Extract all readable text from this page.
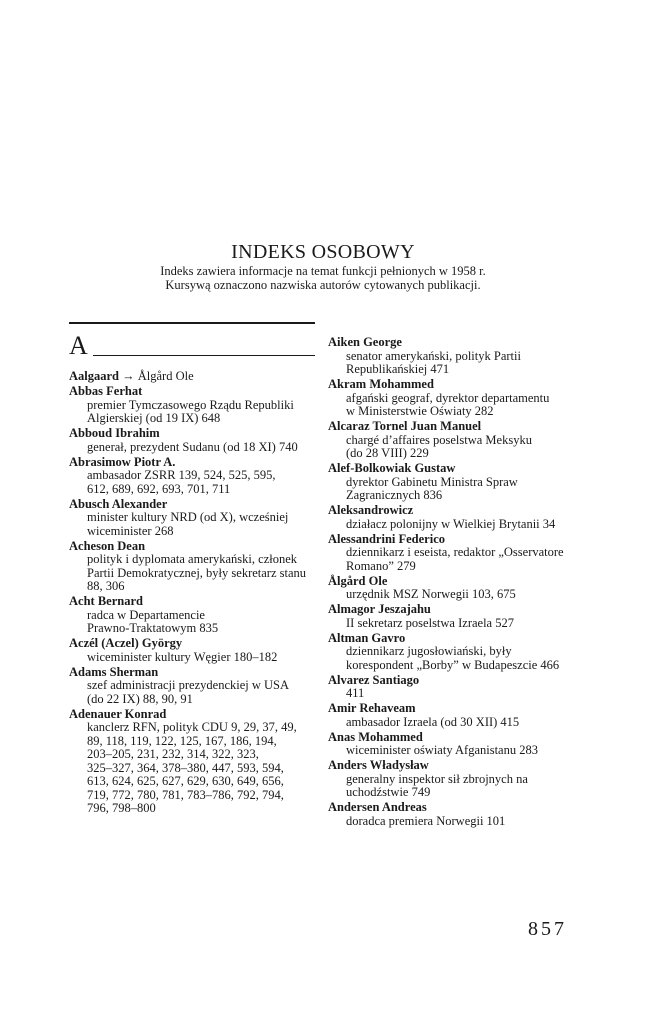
INDEKS OSOBOWY
Indeks zawiera informacje na temat funkcji pełnionych w 1958 r.
Kursywą oznaczono nazwiska autorów cytowanych publikacji.
A
Aalgaard → Ålgård Ole
Abbas Ferhat
premier Tymczasowego Rządu Republiki
Algierskiej (od 19 IX) 648
Abboud Ibrahim
generał, prezydent Sudanu (od 18 XI) 740
Abrasimow Piotr A.
ambasador ZSRR 139, 524, 525, 595,
612, 689, 692, 693, 701, 711
Abusch Alexander
minister kultury NRD (od X), wcześniej
wiceminister 268
Acheson Dean
polityk i dyplomata amerykański, członek
Partii Demokratycznej, były sekretarz stanu
88, 306
Acht Bernard
radca w Departamencie
Prawno-Traktatowym 835
Aczél (Aczel) György
wiceminister kultury Węgier 180–182
Adams Sherman
szef administracji prezydenckiej w USA
(do 22 IX) 88, 90, 91
Adenauer Konrad
kanclerz RFN, polityk CDU 9, 29, 37, 49,
89, 118, 119, 122, 125, 167, 186, 194,
203–205, 231, 232, 314, 322, 323,
325–327, 364, 378–380, 447, 593, 594,
613, 624, 625, 627, 629, 630, 649, 656,
719, 772, 780, 781, 783–786, 792, 794,
796, 798–800
Aiken George
senator amerykański, polityk Partii
Republikańskiej 471
Akram Mohammed
afgański geograf, dyrektor departamentu
w Ministerstwie Oświaty 282
Alcaraz Tornel Juan Manuel
chargé d’affaires poselstwa Meksyku
(do 28 VIII) 229
Alef-Bolkowiak Gustaw
dyrektor Gabinetu Ministra Spraw
Zagranicznych 836
Aleksandrowicz
działacz polonijny w Wielkiej Brytanii 34
Alessandrini Federico
dziennikarz i eseista, redaktor „Osservatore
Romano” 279
Ålgård Ole
urzędnik MSZ Norwegii 103, 675
Almagor Jeszajahu
II sekretarz poselstwa Izraela 527
Altman Gavro
dziennikarz jugosłowiański, były
korespondent „Borby” w Budapeszcie 466
Alvarez Santiago
411
Amir Rehaveam
ambasador Izraela (od 30 XII) 415
Anas Mohammed
wiceminister oświaty Afganistanu 283
Anders Władysław
generalny inspektor sił zbrojnych na
uchodźstwie 749
Andersen Andreas
doradca premiera Norwegii 101
857
